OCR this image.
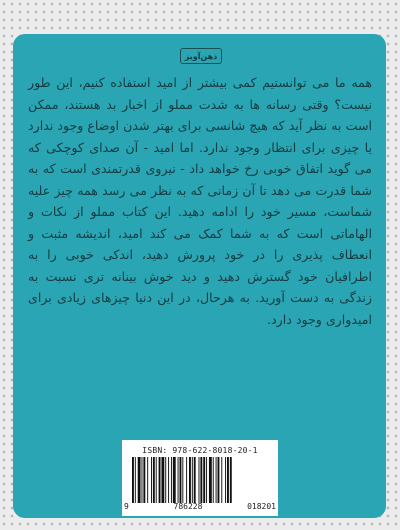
ذهن‌آویز

همه ما می توانستیم کمی بیشتر از امید استفاده کنیم، این طور نیست؟ وقتی رسانه ها به شدت مملو از اخبار بد هستند، ممکن است به نظر آید که هیچ شانسی برای بهتر شدن اوضاع وجود ندارد یا چیزی برای انتظار وجود ندارد. اما امید - آن صدای کوچکی که می گوید اتفاق خوبی رخ خواهد داد - نیروی قدرتمندی است که به شما قدرت می دهد تا آن زمانی که به نظر می رسد همه چیز علیه شماست، مسیر خود را ادامه دهید. این کتاب مملو از نکات و الهاماتی است که به شما کمک می کند امید، اندیشه مثبت و انعطاف پذیری را در خود پرورش دهید، اندکی خوبی را به اطرافیان خود گسترش دهید و دید خوش بینانه تری نسبت به زندگی به دست آورید. به هرحال، در این دنیا چیزهای زیادی برای امیدواری وجود دارد.

ISBN: 978-622-8018-20-1
9	786228	018201
